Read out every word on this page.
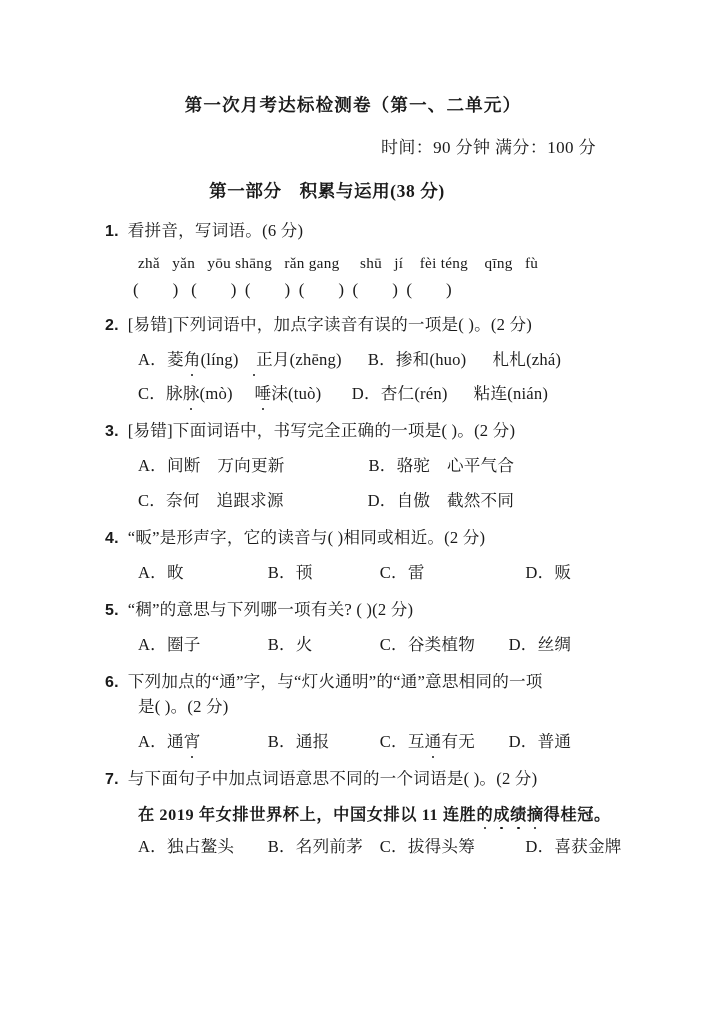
第一次月考达标检测卷（第一、二单元）
时间：90 分钟 满分：100 分
第一部分　积累与运用(38 分)
1. 看拼音，写词语。(6 分)
zhǎ   yǎn   yōu shāng   rǎn gang     shū   jí    fèi téng    qīng   fù
(        )   (        )  (        )  (        )  (        )  (        )
2. [易错]下列词语中，加点字读音有误的一项是( )。(2 分)
A．菱角(líng)    正月(zhēng)      B．掺和(huo)      札札(zhá)
C．脉脉(mò)     唾沫(tuò)       D．杏仁(rén)      粘连(nián)
3. [易错]下面词语中，书写完全正确的一项是( )。(2 分)
A．间断　万向更新　　　　　B．骆驼　心平气合
C．奈何　追跟求源　　　　　D．自傲　截然不同
4. “畈”是形声字，它的读音与( )相同或相近。(2 分)
A．畋　　　　　B．顸　　　　C．雷　　　　　　D．贩
5. “稠”的意思与下列哪一项有关? ( )(2 分)
A．圈子　　　　B．火　　　　C．谷类植物　　D．丝绸
6. 下列加点的“通”字，与“灯火通明”的“通”意思相同的一项
是( )。(2 分)
A．通宵　　　　B．通报　　　C．互通有无　　D．普通
7. 与下面句子中加点词语意思不同的一个词语是( )。(2 分)
在 2019 年女排世界杯上，中国女排以 11 连胜的成绩摘得桂冠。
A．独占鳌头　　B．名列前茅　C．拔得头筹　　　D．喜获金牌
